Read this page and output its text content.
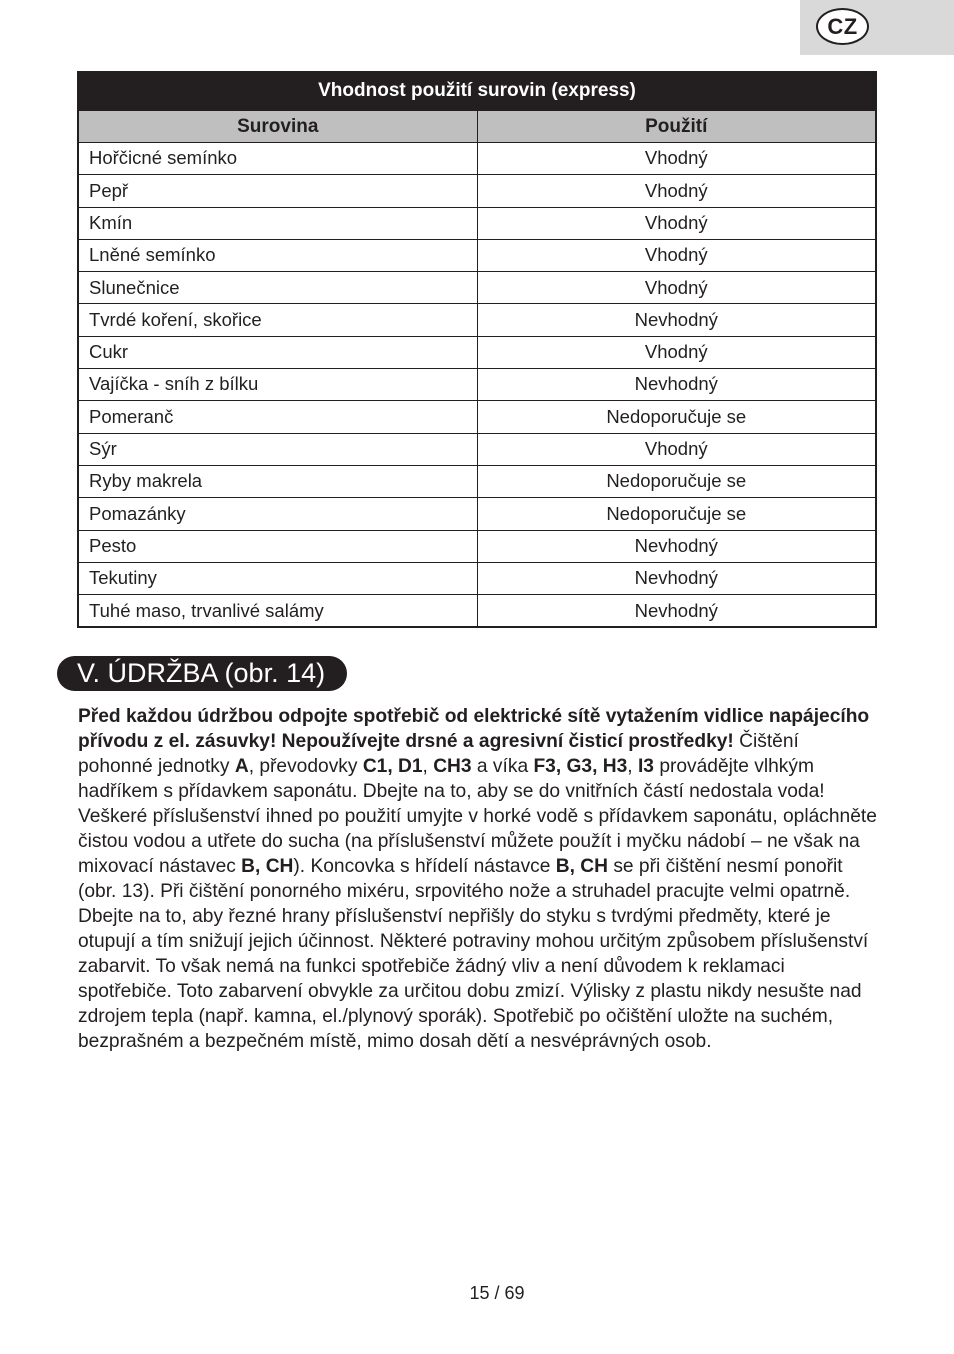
CZ
Vhodnost použití surovin (express)	
Surovina	Použití
Hořčicné semínko	Vhodný
Pepř	Vhodný
Kmín	Vhodný
Lněné semínko	Vhodný
Slunečnice	Vhodný
Tvrdé koření, skořice	Nevhodný
Cukr	Vhodný
Vajíčka - sníh z bílku	Nevhodný
Pomeranč	Nedoporučuje se
Sýr	Vhodný
Ryby makrela	Nedoporučuje se
Pomazánky	Nedoporučuje se
Pesto	Nevhodný
Tekutiny	Nevhodný
Tuhé maso, trvanlivé salámy	Nevhodný
V. ÚDRŽBA (obr. 14)

Před každou údržbou odpojte spotřebič od elektrické sítě vytažením vidlice napájecího přívodu z el. zásuvky! Nepoužívejte drsné a agresivní čisticí prostředky! Čištění pohonné jednotky A, převodovky C1, D1, CH3 a víka F3, G3, H3, I3 provádějte vlhkým hadříkem s přídavkem saponátu. Dbejte na to, aby se do vnitřních částí nedostala voda! Veškeré příslušenství ihned po použití umyjte v horké vodě s přídavkem saponátu, opláchněte čistou vodou a utřete do sucha (na příslušenství můžete použít i myčku nádobí – ne však na mixovací nástavec B, CH). Koncovka s hřídelí nástavce B, CH se při čištění nesmí ponořit (obr. 13). Při čištění ponorného mixéru, srpovitého nože a struhadel pracujte velmi opatrně. Dbejte na to, aby řezné hrany příslušenství nepřišly do styku s tvrdými předměty, které je otupují a tím snižují jejich účinnost. Některé potraviny mohou určitým způsobem příslušenství zabarvit. To však nemá na funkci spotřebiče žádný vliv a není důvodem k reklamaci spotřebiče. Toto zabarvení obvykle za určitou dobu zmizí. Výlisky z plastu nikdy nesušte nad zdrojem tepla (např. kamna, el./plynový sporák). Spotřebič po očištění uložte na suchém, bezprašném a bezpečném místě, mimo dosah dětí a nesvéprávných osob.

15 / 69
